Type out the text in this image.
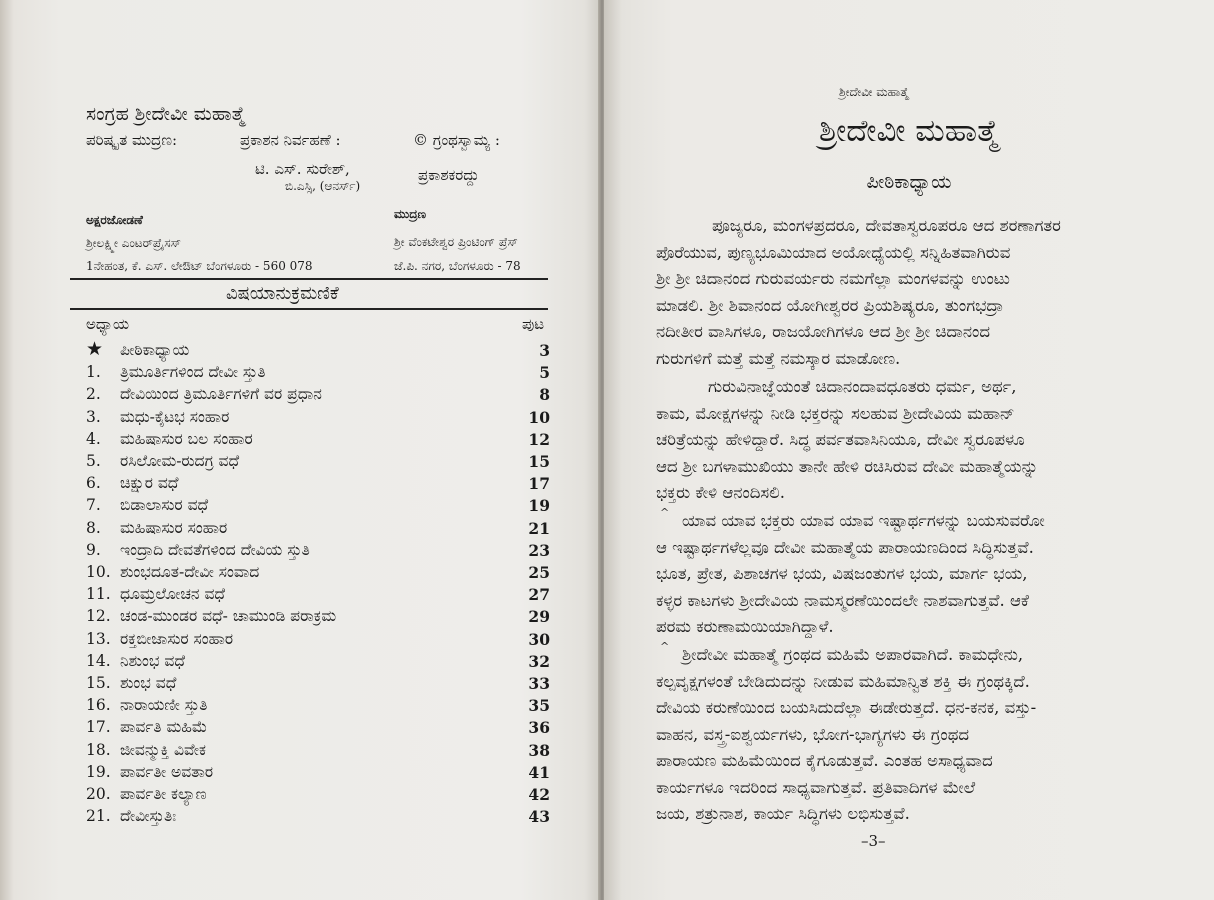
ಸಂಗ್ರಹ ಶ್ರೀದೇವೀ ಮಹಾತ್ಮೆ
ಪರಿಷ್ಕೃತ ಮುದ್ರಣ:	ಪ್ರಕಾಶನ ನಿರ್ವಹಣೆ :	© ಗ್ರಂಥಸ್ವಾಮ್ಯ :
ಟಿ. ಎಸ್. ಸುರೇಶ್,
ಬಿ.ಎಸ್ಸಿ, (ಆನರ್ಸ್)
ಪ್ರಕಾಶಕರದ್ದು
ಅಕ್ಷರಜೋಡಣೆ
ಶ್ರೀಲಕ್ಷ್ಮೀ ಎಂಟರ್‌ಪ್ರೈಸಸ್
1ನೇಹಂತ, ಕೆ. ಎಸ್. ಲೇಔಟ್ ಬೆಂಗಳೂರು - 560 078
ಮುದ್ರಣ
ಶ್ರೀ ವೆಂಕಟೇಶ್ವರ ಪ್ರಿಂಟಿಂಗ್ ಪ್ರೆಸ್
ಜೆ.ಪಿ. ನಗರ, ಬೆಂಗಳೂರು - 78
ವಿಷಯಾನುಕ್ರಮಣಿಕೆ
ಅಧ್ಯಾಯ	ಪುಟ
★ ಪೀಠಿಕಾಧ್ಯಾಯ	3
1. ತ್ರಿಮೂರ್ತಿಗಳಿಂದ ದೇವೀ ಸ್ತುತಿ	5
2. ದೇವಿಯಿಂದ ತ್ರಿಮೂರ್ತಿಗಳಿಗೆ ವರ ಪ್ರಧಾನ	8
3. ಮಧು-ಕೈಟಭ ಸಂಹಾರ	10
4. ಮಹಿಷಾಸುರ ಬಲ ಸಂಹಾರ	12
5. ರಸಿಲೋಮ-ರುದಗ್ರ ವಧೆ	15
6. ಚಿಕ್ಷುರ ವಧೆ	17
7. ಬಿಡಾಲಾಸುರ ವಧೆ	19
8. ಮಹಿಷಾಸುರ ಸಂಹಾರ	21
9. ಇಂದ್ರಾದಿ ದೇವತೆಗಳಿಂದ ದೇವಿಯ ಸ್ತುತಿ	23
10. ಶುಂಭದೂತ-ದೇವೀ ಸಂವಾದ	25
11. ಧೂಮ್ರಲೋಚನ ವಧೆ	27
12. ಚಂಡ-ಮುಂಡರ ವಧೆ- ಚಾಮುಂಡಿ ಪರಾಕ್ರಮ	29
13. ರಕ್ತಬೀಜಾಸುರ ಸಂಹಾರ	30
14. ನಿಶುಂಭ ವಧೆ	32
15. ಶುಂಭ ವಧೆ	33
16. ನಾರಾಯಣೀ ಸ್ತುತಿ	35
17. ಪಾರ್ವತಿ ಮಹಿಮೆ	36
18. ಜೀವನ್ಮುಕ್ತಿ ವಿವೇಕ	38
19. ಪಾರ್ವತೀ ಅವತಾರ	41
20. ಪಾರ್ವತೀ ಕಲ್ಯಾಣ	42
21. ದೇವೀಸ್ತುತಿಃ	43
ಶ್ರೀದೇವೀ ಮಹಾತ್ಮೆ
ಶ್ರೀದೇವೀ ಮಹಾತ್ಮೆ
ಪೀಠಿಕಾಧ್ಯಾಯ
ಪೂಜ್ಯರೂ, ಮಂಗಳಪ್ರದರೂ, ದೇವತಾಸ್ವರೂಪರೂ ಆದ ಶರಣಾಗತರ
ಪೊರೆಯುವ, ಪುಣ್ಯಭೂಮಿಯಾದ ಅಯೋಧ್ಯೆಯಲ್ಲಿ ಸನ್ನಿಹಿತವಾಗಿರುವ
ಶ್ರೀ ಶ್ರೀ ಚಿದಾನಂದ ಗುರುವರ್ಯರು ನಮಗೆಲ್ಲಾ ಮಂಗಳವನ್ನು ಉಂಟು
ಮಾಡಲಿ. ಶ್ರೀ ಶಿವಾನಂದ ಯೋಗೀಶ್ವರರ ಪ್ರಿಯಶಿಷ್ಯರೂ, ತುಂಗಭದ್ರಾ
ನದೀತೀರ ವಾಸಿಗಳೂ, ರಾಜಯೋಗಿಗಳೂ ಆದ ಶ್ರೀ ಶ್ರೀ ಚಿದಾನಂದ
ಗುರುಗಳಿಗೆ ಮತ್ತೆ ಮತ್ತೆ ನಮಸ್ಕಾರ ಮಾಡೋಣ.
ಗುರುವಿನಾಜ್ಞೆಯಂತೆ ಚಿದಾನಂದಾವಧೂತರು ಧರ್ಮ, ಅರ್ಥ,
ಕಾಮ, ಮೋಕ್ಷಗಳನ್ನು ನೀಡಿ ಭಕ್ತರನ್ನು ಸಲಹುವ ಶ್ರೀದೇವಿಯ ಮಹಾನ್
ಚರಿತ್ರೆಯನ್ನು ಹೇಳಿದ್ದಾರೆ. ಸಿದ್ಧ ಪರ್ವತವಾಸಿನಿಯೂ, ದೇವೀ ಸ್ವರೂಪಳೂ
ಆದ ಶ್ರೀ ಬಗಳಾಮುಖಿಯು ತಾನೇ ಹೇಳಿ ರಚಿಸಿರುವ ದೇವೀ ಮಹಾತ್ಮೆಯನ್ನು
ಭಕ್ತರು ಕೇಳಿ ಆನಂದಿಸಲಿ.
ಯಾವ ಯಾವ ಭಕ್ತರು ಯಾವ ಯಾವ ಇಷ್ಟಾರ್ಥಗಳನ್ನು ಬಯಸುವರೋ
ಆ ಇಷ್ಟಾರ್ಥಗಳೆಲ್ಲವೂ ದೇವೀ ಮಹಾತ್ಮೆಯ ಪಾರಾಯಣದಿಂದ ಸಿದ್ಧಿಸುತ್ತವೆ.
ಭೂತ, ಪ್ರೇತ, ಪಿಶಾಚಗಳ ಭಯ, ವಿಷಜಂತುಗಳ ಭಯ, ಮಾರ್ಗ ಭಯ,
ಕಳ್ಳರ ಕಾಟಗಳು ಶ್ರೀದೇವಿಯ ನಾಮಸ್ಮರಣೆಯಿಂದಲೇ ನಾಶವಾಗುತ್ತವೆ. ಆಕೆ
ಪರಮ ಕರುಣಾಮಯಿಯಾಗಿದ್ದಾಳೆ.
ಶ್ರೀದೇವೀ ಮಹಾತ್ಮೆ ಗ್ರಂಥದ ಮಹಿಮೆ ಅಪಾರವಾಗಿದೆ. ಕಾಮಧೇನು,
ಕಲ್ಪವೃಕ್ಷಗಳಂತೆ ಬೇಡಿದುದನ್ನು ನೀಡುವ ಮಹಿಮಾನ್ವಿತ ಶಕ್ತಿ ಈ ಗ್ರಂಥಕ್ಕಿದೆ.
ದೇವಿಯ ಕರುಣೆಯಿಂದ ಬಯಸಿದುದೆಲ್ಲಾ ಈಡೇರುತ್ತದೆ. ಧನ-ಕನಕ, ವಸ್ತು-
ವಾಹನ, ವಸ್ತ್ರ-ಐಶ್ವರ್ಯಗಳು, ಭೋಗ-ಭಾಗ್ಯಗಳು ಈ ಗ್ರಂಥದ
ಪಾರಾಯಣ ಮಹಿಮೆಯಿಂದ ಕೈಗೂಡುತ್ತವೆ. ಎಂತಹ ಅಸಾಧ್ಯವಾದ
ಕಾರ್ಯಗಳೂ ಇದರಿಂದ ಸಾಧ್ಯವಾಗುತ್ತವೆ. ಪ್ರತಿವಾದಿಗಳ ಮೇಲೆ
ಜಯ, ಶತ್ರುನಾಶ, ಕಾರ್ಯ ಸಿದ್ಧಿಗಳು ಲಭಿಸುತ್ತವೆ.
^
^
–3–
